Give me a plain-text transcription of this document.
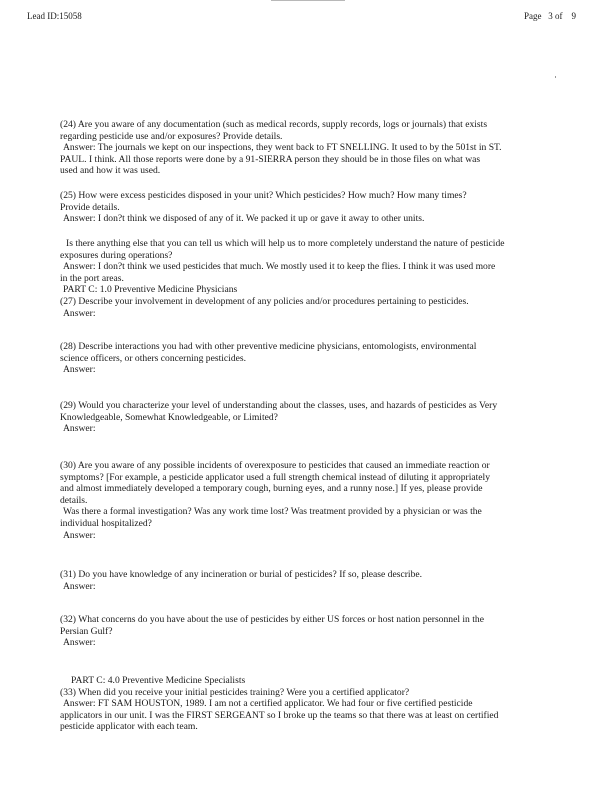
Lead ID:15058	Page   3 of    9
(24) Are you aware of any documentation (such as medical records, supply records, logs or journals) that exists
regarding pesticide use and/or exposures? Provide details.
Answer: The journals we kept on our inspections, they went back to FT SNELLING. It used to by the 501st in ST.
PAUL. I think. All those reports were done by a 91-SIERRA person they should be in those files on what was
used and how it was used.
(25) How were excess pesticides disposed in your unit? Which pesticides? How much? How many times?
Provide details.
Answer: I don?t think we disposed of any of it. We packed it up or gave it away to other units.
Is there anything else that you can tell us which will help us to more completely understand the nature of pesticide
exposures during operations?
Answer: I don?t think we used pesticides that much. We mostly used it to keep the flies. I think it was used more
in the port areas.
PART C: 1.0 Preventive Medicine Physicians
(27) Describe your involvement in development of any policies and/or procedures pertaining to pesticides.
Answer:
(28) Describe interactions you had with other preventive medicine physicians, entomologists, environmental
science officers, or others concerning pesticides.
Answer:
(29) Would you characterize your level of understanding about the classes, uses, and hazards of pesticides as Very
Knowledgeable, Somewhat Knowledgeable, or Limited?
Answer:
(30) Are you aware of any possible incidents of overexposure to pesticides that caused an immediate reaction or
symptoms? [For example, a pesticide applicator used a full strength chemical instead of diluting it appropriately
and almost immediately developed a temporary cough, burning eyes, and a runny nose.] If yes, please provide
details.
Was there a formal investigation? Was any work time lost? Was treatment provided by a physician or was the
individual hospitalized?
Answer:
(31) Do you have knowledge of any incineration or burial of pesticides? If so, please describe.
Answer:
(32) What concerns do you have about the use of pesticides by either US forces or host nation personnel in the
Persian Gulf?
Answer:
PART C: 4.0 Preventive Medicine Specialists
(33) When did you receive your initial pesticides training? Were you a certified applicator?
Answer: FT SAM HOUSTON, 1989. I am not a certified applicator. We had four or five certified pesticide
applicators in our unit. I was the FIRST SERGEANT so I broke up the teams so that there was at least on certified
pesticide applicator with each team.
